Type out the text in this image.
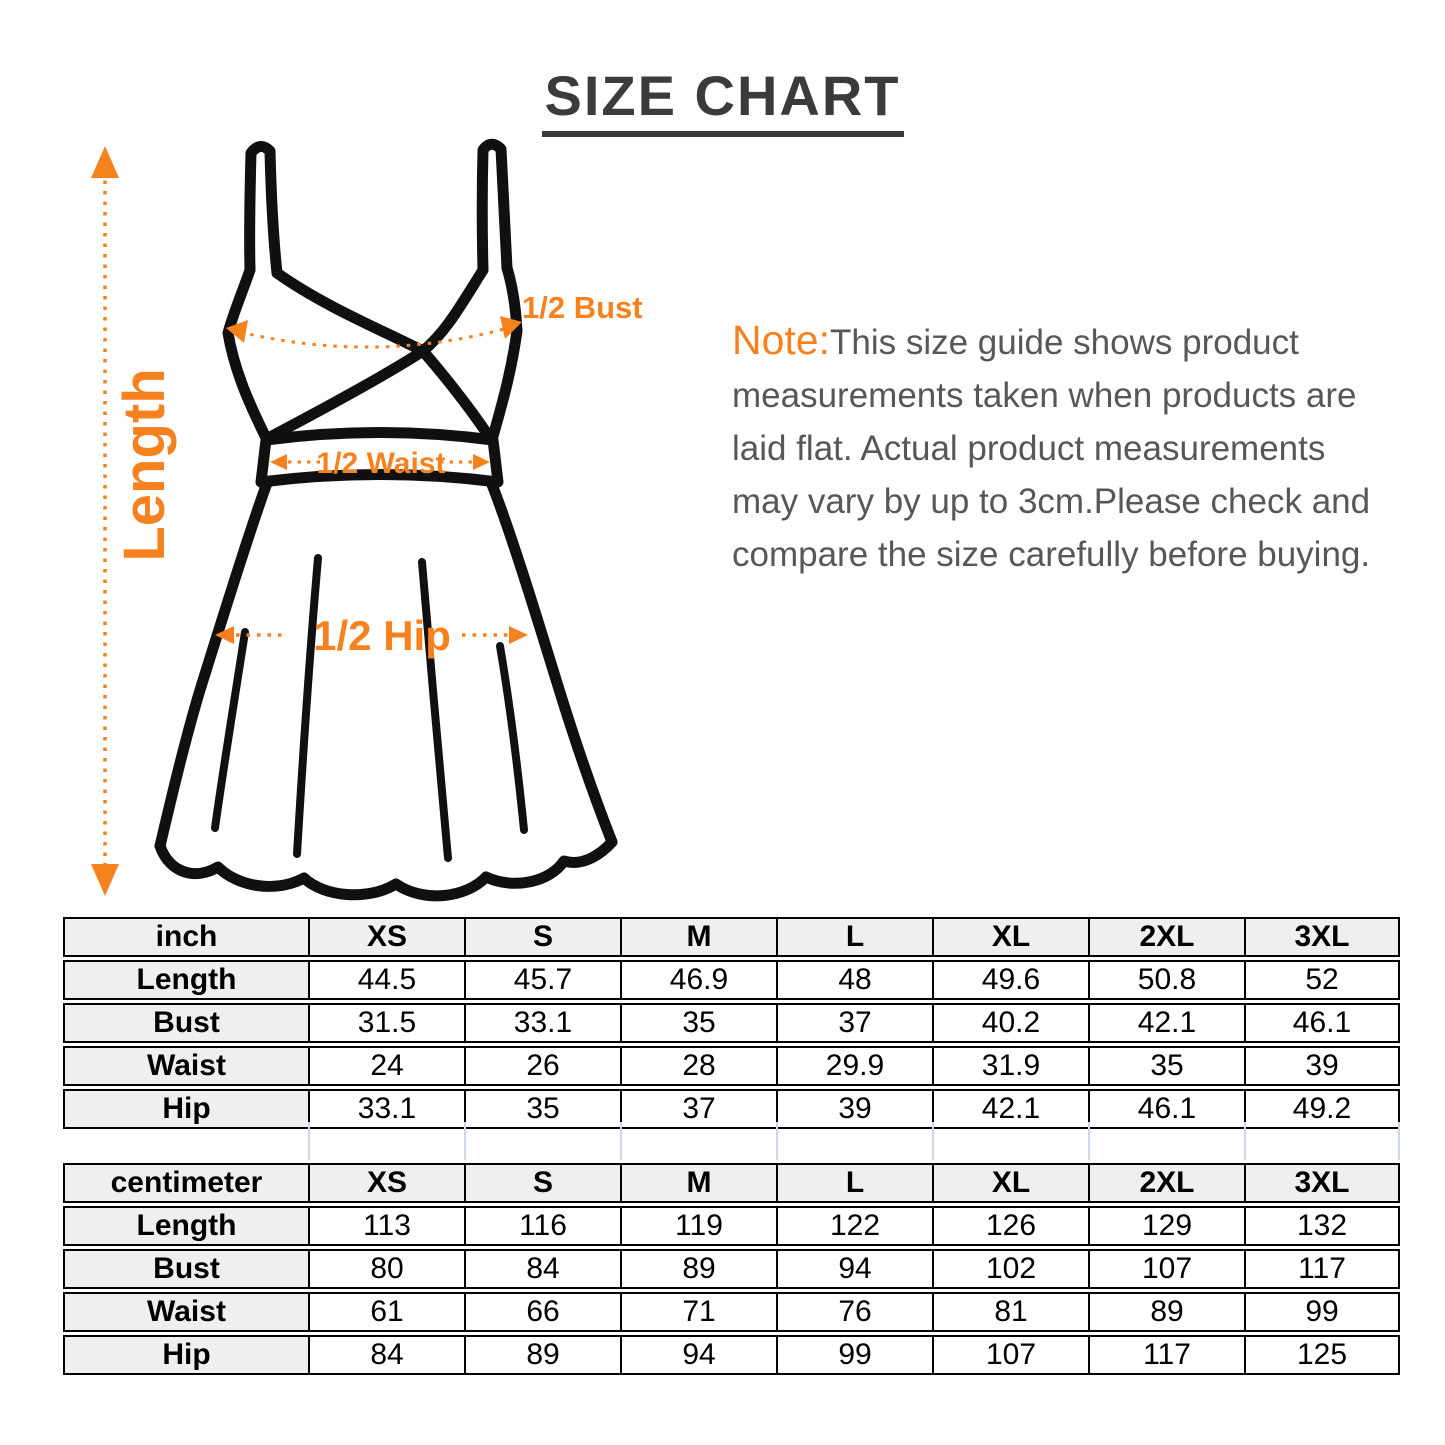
SIZE CHART
Length
1/2 Bust
1/2 Waist
1/2 Hip

Note:This size guide shows product measurements taken when products are laid flat. Actual product measurements may vary by up to 3cm.Please check and compare the size carefully before buying.

inch	XS	S	M	L	XL	2XL	3XL
Length	44.5	45.7	46.9	48	49.6	50.8	52
Bust	31.5	33.1	35	37	40.2	42.1	46.1
Waist	24	26	28	29.9	31.9	35	39
Hip	33.1	35	37	39	42.1	46.1	49.2
centimeter	XS	S	M	L	XL	2XL	3XL
Length	113	116	119	122	126	129	132
Bust	80	84	89	94	102	107	117
Waist	61	66	71	76	81	89	99
Hip	84	89	94	99	107	117	125
